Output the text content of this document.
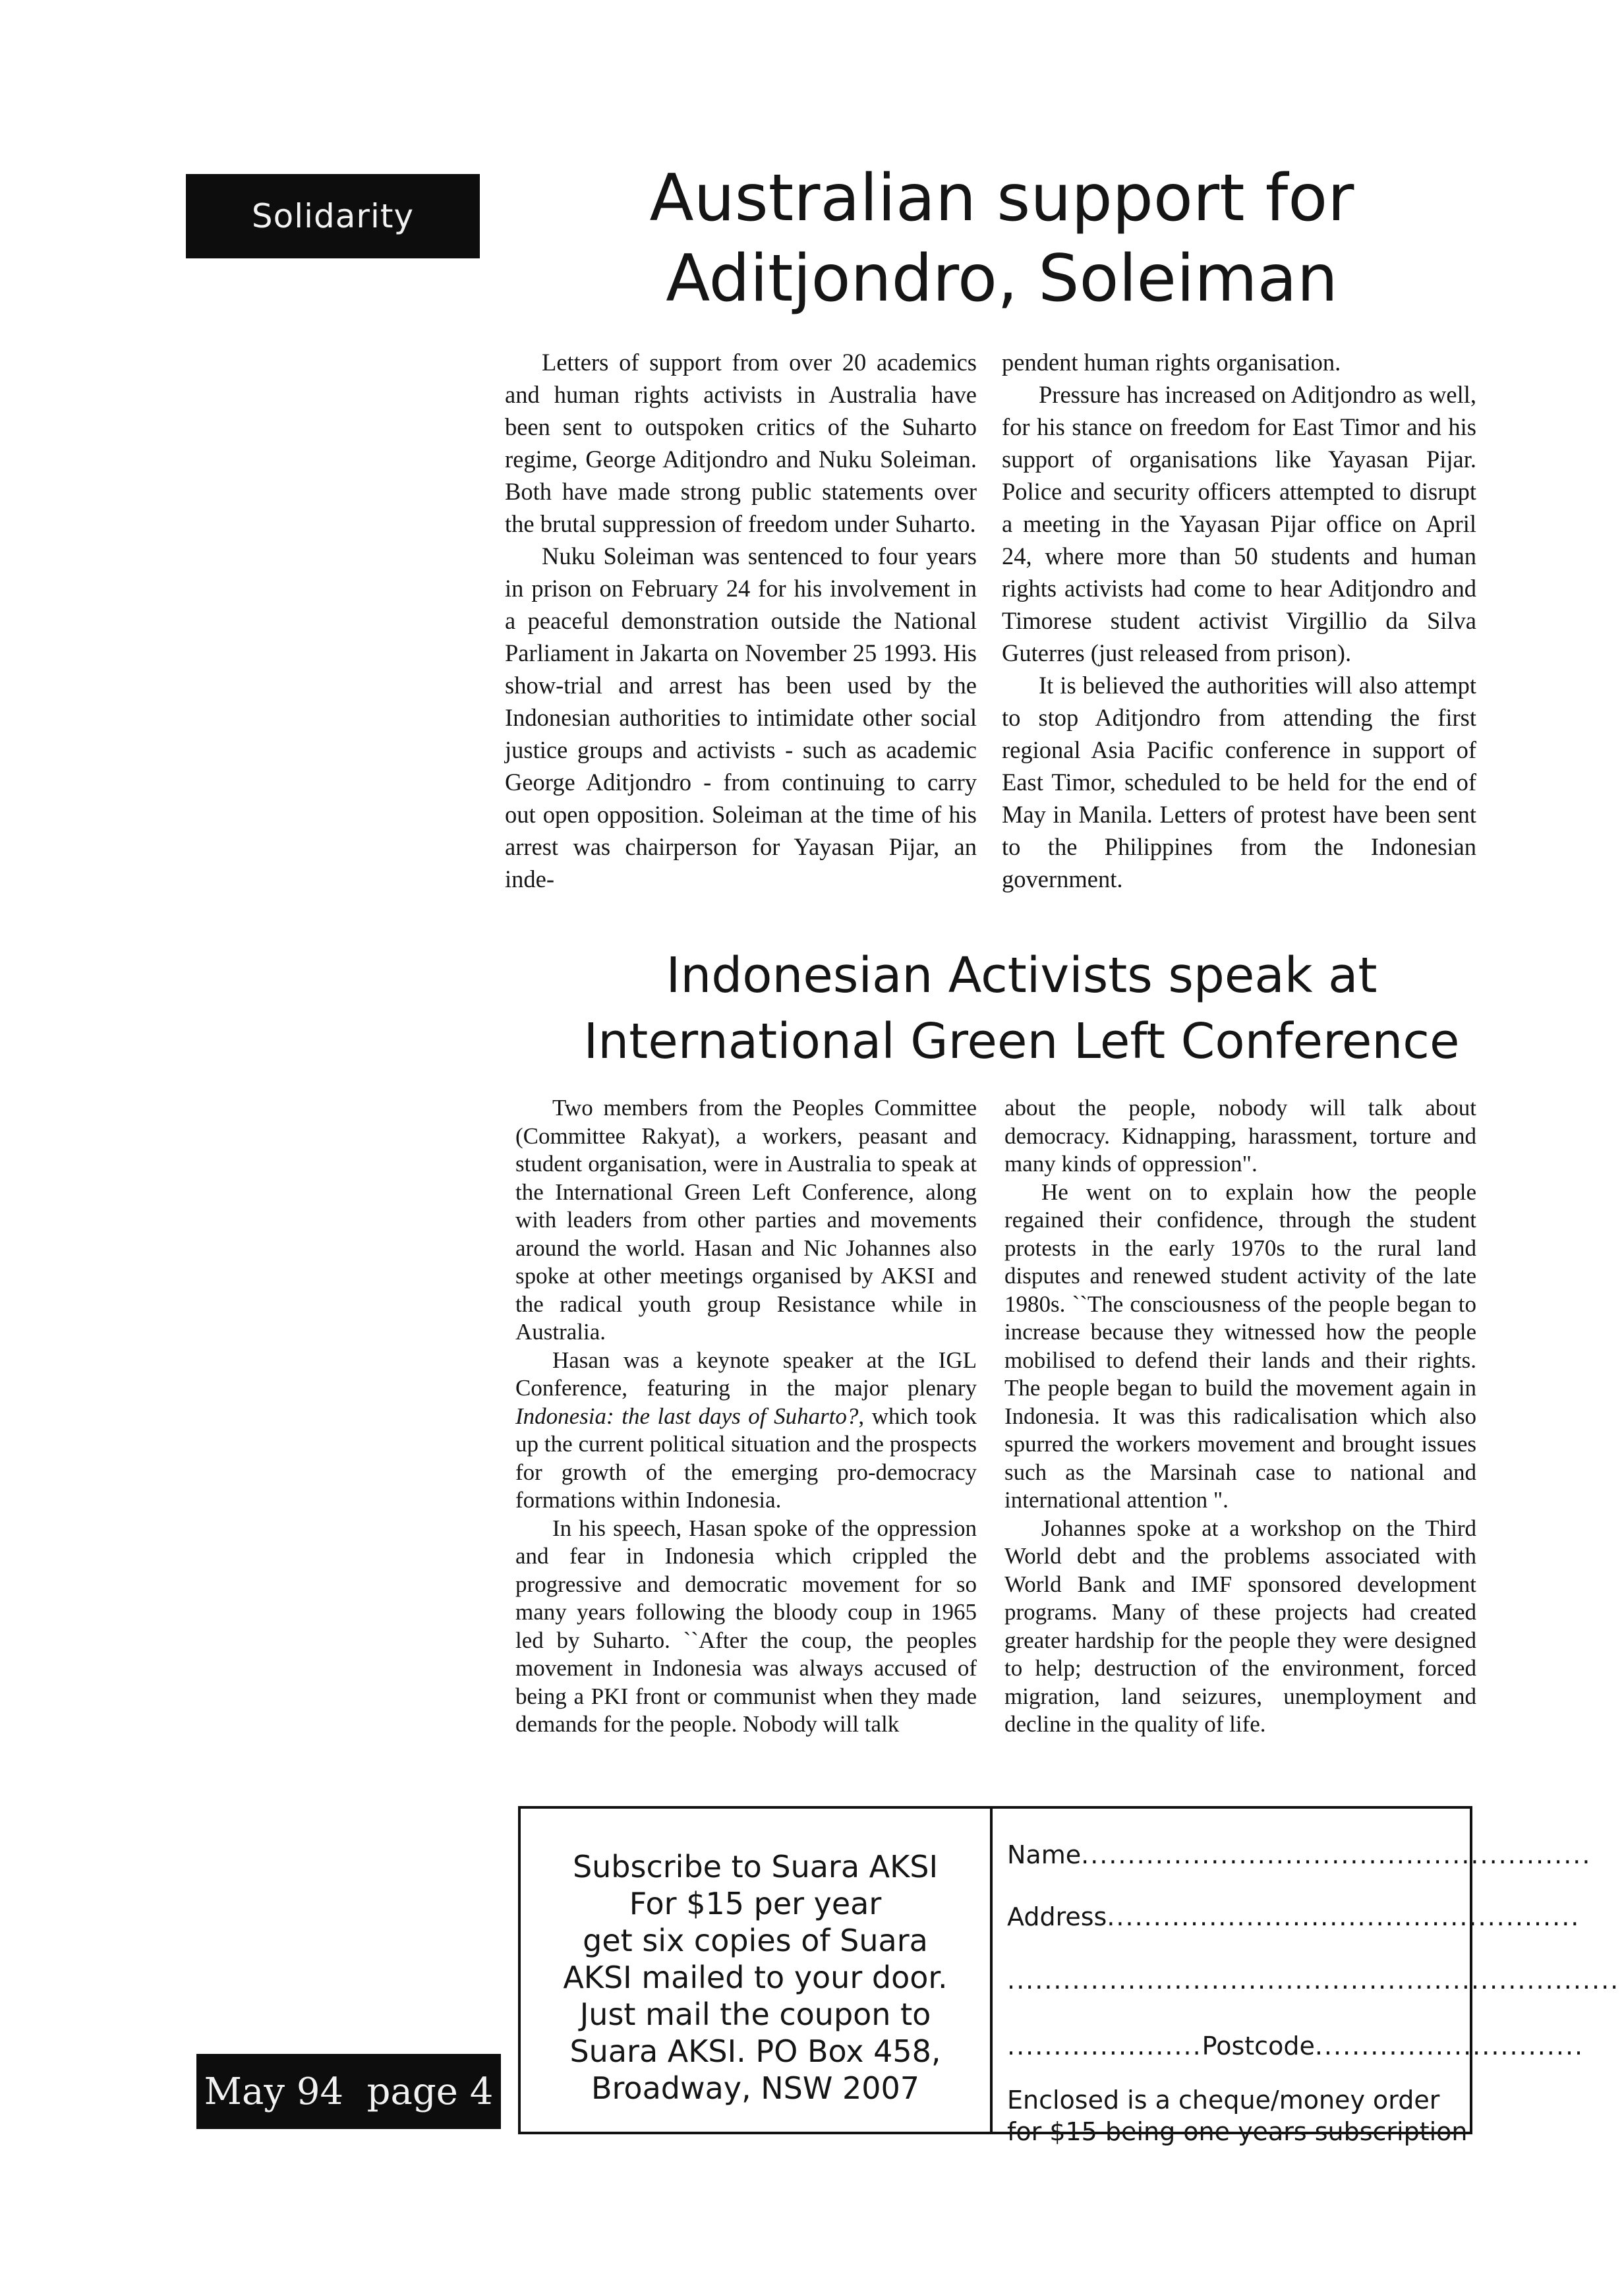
Solidarity	Australian support for
Aditjondro, Soleiman

Letters of support from over 20 academics and human rights activists in Australia have been sent to outspoken critics of the Suharto regime, George Aditjondro and Nuku Soleiman. Both have made strong public statements over the brutal suppression of freedom under Suharto.

Nuku Soleiman was sentenced to four years in prison on February 24 for his involvement in a peaceful demonstration outside the National Parliament in Jakarta on November 25 1993. His show-trial and arrest has been used by the Indonesian authorities to intimidate other social justice groups and activists - such as academic George Aditjondro - from continuing to carry out open opposition. Soleiman at the time of his arrest was chairperson for Yayasan Pijar, an inde-

pendent human rights organisation.

Pressure has increased on Aditjondro as well, for his stance on freedom for East Timor and his support of organisations like Yayasan Pijar. Police and security officers attempted to disrupt a meeting in the Yayasan Pijar office on April 24, where more than 50 students and human rights activists had come to hear Aditjondro and Timorese student activist Virgillio da Silva Guterres (just released from prison).

It is believed the authorities will also attempt to stop Aditjondro from attending the first regional Asia Pacific conference in support of East Timor, scheduled to be held for the end of May in Manila. Letters of protest have been sent to the Philippines from the Indonesian government.

Indonesian Activists speak at
International Green Left Conference

Two members from the Peoples Committee (Committee Rakyat), a workers, peasant and student organisation, were in Australia to speak at the International Green Left Conference, along with leaders from other parties and movements around the world. Hasan and Nic Johannes also spoke at other meetings organised by AKSI and the radical youth group Resistance while in Australia.

Hasan was a keynote speaker at the IGL Conference, featuring in the major plenary Indonesia: the last days of Suharto?, which took up the current political situation and the prospects for growth of the emerging pro-democracy formations within Indonesia.

In his speech, Hasan spoke of the oppression and fear in Indonesia which crippled the progressive and democratic movement for so many years following the bloody coup in 1965 led by Suharto. ``After the coup, the peoples movement in Indonesia was always accused of being a PKI front or communist when they made demands for the people. Nobody will talk

about the people, nobody will talk about democracy. Kidnapping, harassment, torture and many kinds of oppression".

He went on to explain how the people regained their confidence, through the student protests in the early 1970s to the rural land disputes and renewed student activity of the late 1980s. ``The consciousness of the people began to increase because they witnessed how the people mobilised to defend their lands and their rights. The people began to build the movement again in Indonesia. It was this radicalisation which also spurred the workers movement and brought issues such as the Marsinah case to national and international attention ".

Johannes spoke at a workshop on the Third World debt and the problems associated with World Bank and IMF sponsored development programs. Many of these projects had created greater hardship for the people they were designed to help; destruction of the environment, forced migration, land seizures, unemployment and decline in the quality of life.

Subscribe to Suara AKSI
For $15 per year
get six copies of Suara
AKSI mailed to your door.
Just mail the coupon to
Suara AKSI. PO Box 458,
Broadway, NSW 2007
Name.......................................................
Address...................................................
..................................................................
.....................Postcode.............................
Enclosed is a cheque/money order
for $15 being one years subscription
May 94  page 4
